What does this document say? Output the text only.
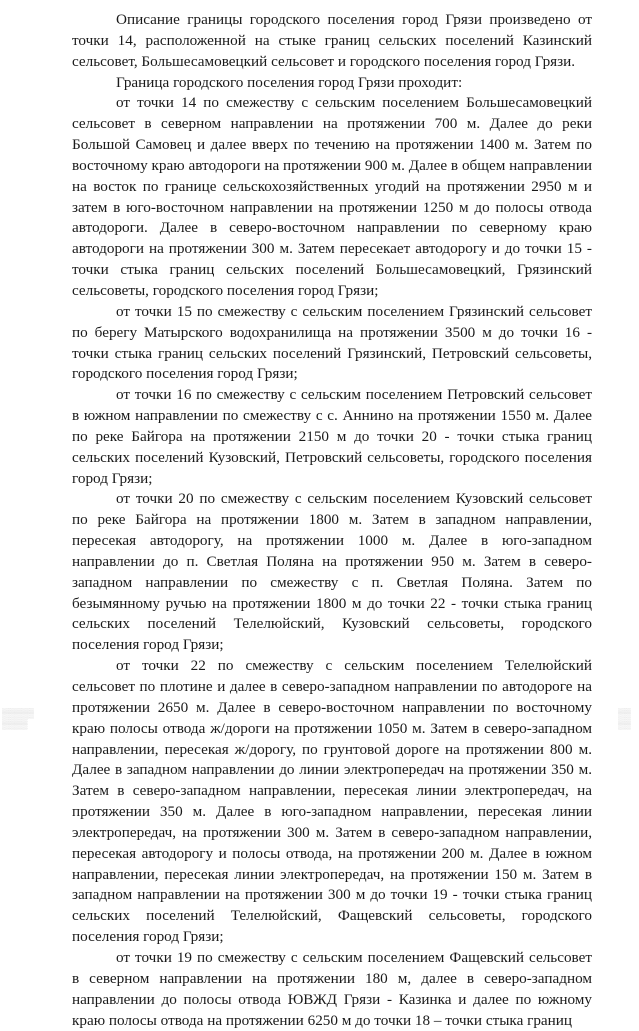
▒▒▒▒▒
▒▒▒▒
▒▒
▒▒

Описание границы городского поселения город Грязи произведено от точки 14, расположенной на стыке границ сельских поселений Казинский сельсовет, Большесамовецкий сельсовет и городского поселения город Грязи.

Граница городского поселения город Грязи проходит:

от точки 14 по смежеству с сельским поселением Большесамовецкий сельсовет в северном направлении на протяжении 700 м. Далее до реки Большой Самовец и далее вверх по течению на протяжении 1400 м. Затем по восточному краю автодороги на протяжении 900 м. Далее в общем направлении на восток по границе сельскохозяйственных угодий на протяжении 2950 м и затем в юго-восточном направлении на протяжении 1250 м до полосы отвода автодороги. Далее в северо-восточном направлении по северному краю автодороги на протяжении 300 м. Затем пересекает автодорогу и до точки 15 - точки стыка границ сельских поселений Большесамовецкий, Грязинский сельсоветы, городского поселения город Грязи;

от точки 15 по смежеству с сельским поселением Грязинский сельсовет по берегу Матырского водохранилища на протяжении 3500 м до точки 16 - точки стыка границ сельских поселений Грязинский, Петровский сельсоветы, городского поселения город Грязи;

от точки 16 по смежеству с сельским поселением Петровский сельсовет в южном направлении по смежеству с с. Аннино на протяжении 1550 м. Далее по реке Байгора на протяжении 2150 м до точки 20 - точки стыка границ сельских поселений Кузовский, Петровский сельсоветы, городского поселения город Грязи;

от точки 20 по смежеству с сельским поселением Кузовский сельсовет по реке Байгора на протяжении 1800 м. Затем в западном направлении, пересекая автодорогу, на протяжении 1000 м. Далее в юго-западном направлении до п. Светлая Поляна на протяжении 950 м. Затем в северо-западном направлении по смежеству с п. Светлая Поляна. Затем по безымянному ручью на протяжении 1800 м до точки 22 - точки стыка границ сельских поселений Телелюйский, Кузовский сельсоветы, городского поселения город Грязи;

от точки 22 по смежеству с сельским поселением Телелюйский сельсовет по плотине и далее в северо-западном направлении по автодороге на протяжении 2650 м. Далее в северо-восточном направлении по восточному краю полосы отвода ж/дороги на протяжении 1050 м. Затем в северо-западном направлении, пересекая ж/дорогу, по грунтовой дороге на протяжении 800 м. Далее в западном направлении до линии электропередач на протяжении 350 м. Затем в северо-западном направлении, пересекая линии электропередач, на протяжении 350 м. Далее в юго-западном направлении, пересекая линии электропередач, на протяжении 300 м. Затем в северо-западном направлении, пересекая автодорогу и полосы отвода, на протяжении 200 м. Далее в южном направлении, пересекая линии электропередач, на протяжении 150 м. Затем в западном направлении на протяжении 300 м до точки 19 - точки стыка границ сельских поселений Телелюйский, Фащевский сельсоветы, городского поселения город Грязи;

от точки 19 по смежеству с сельским поселением Фащевский сельсовет в северном направлении на протяжении 180 м, далее в северо-западном направлении до полосы отвода ЮВЖД Грязи - Казинка и далее по южному краю полосы отвода на протяжении 6250 м до точки 18 – точки стыка границ
